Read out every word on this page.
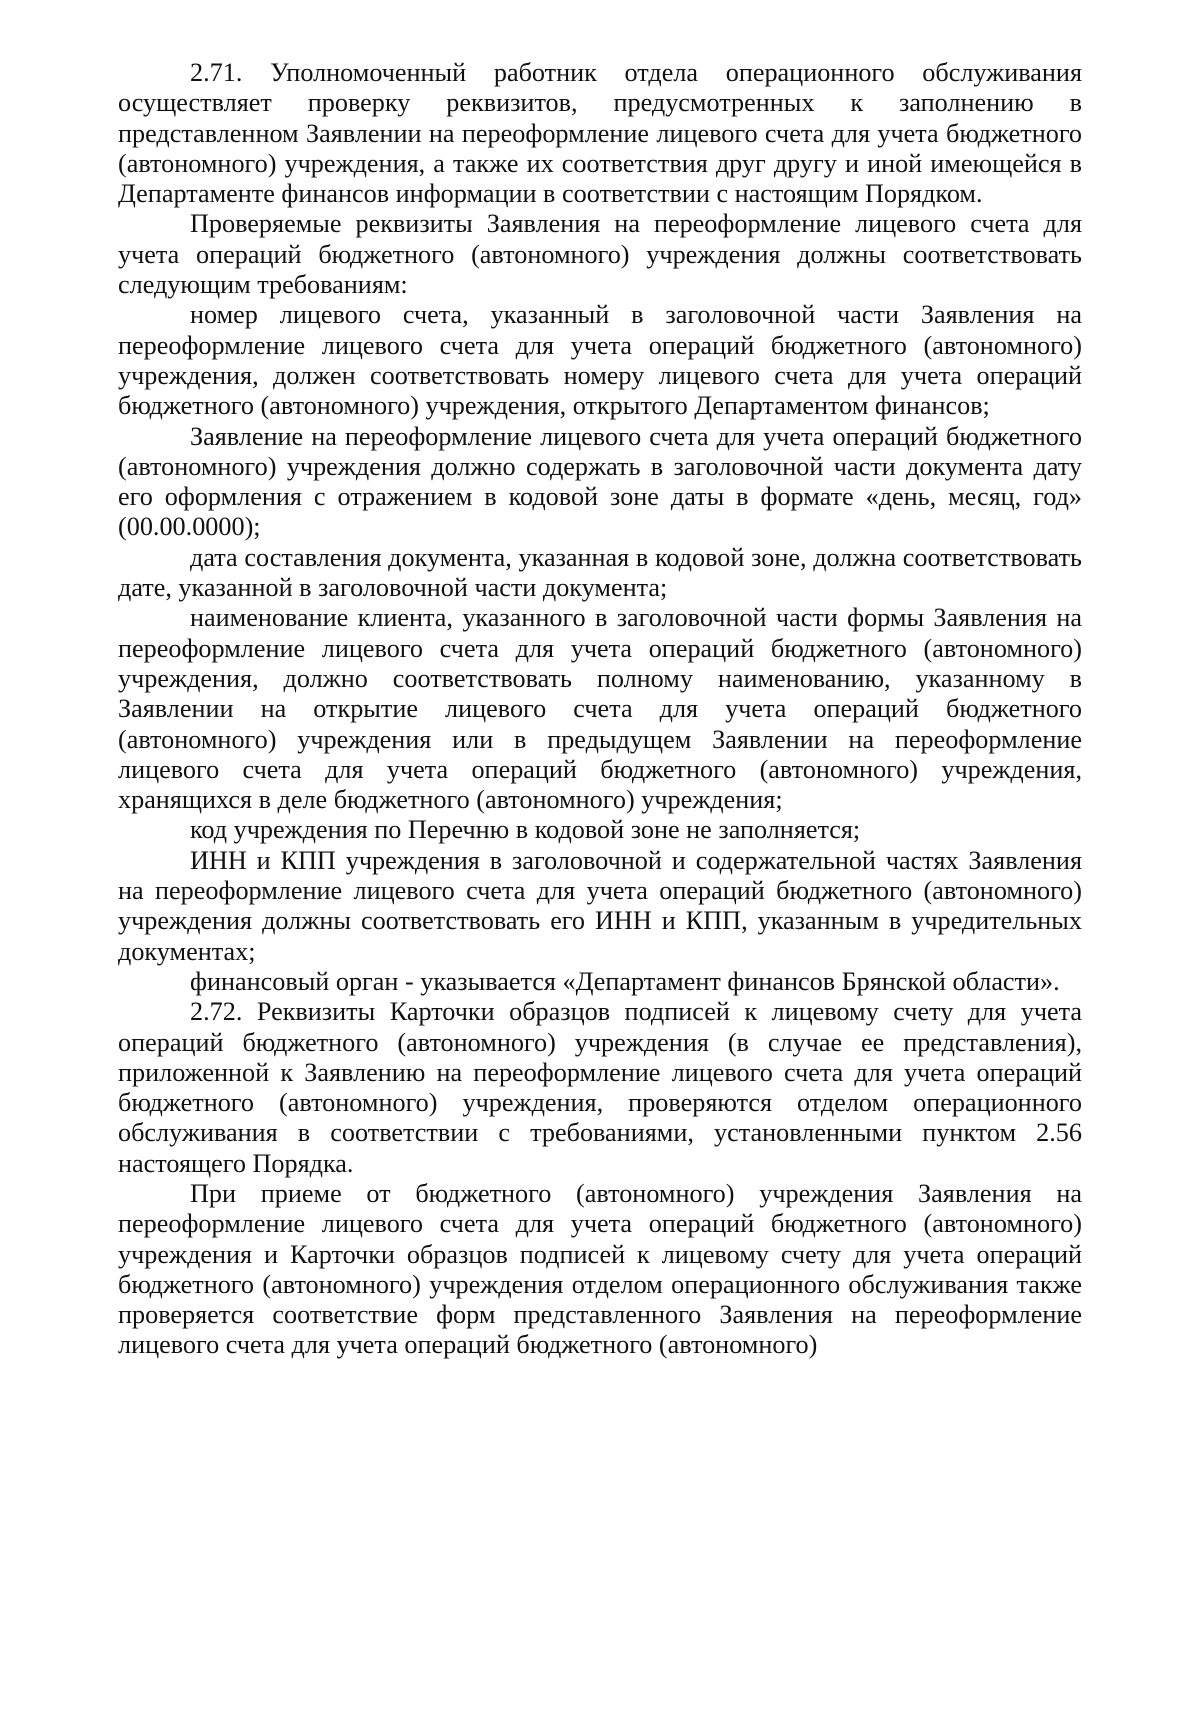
2.71. Уполномоченный работник отдела операционного обслуживания осуществляет проверку реквизитов, предусмотренных к заполнению в представленном Заявлении на переоформление лицевого счета для учета бюджетного (автономного) учреждения, а также их соответствия друг другу и иной имеющейся в Департаменте финансов информации в соответствии с настоящим Порядком.

Проверяемые реквизиты Заявления на переоформление лицевого счета для учета операций бюджетного (автономного) учреждения должны соответствовать следующим требованиям:

номер лицевого счета, указанный в заголовочной части Заявления на переоформление лицевого счета для учета операций бюджетного (автономного) учреждения, должен соответствовать номеру лицевого счета для учета операций бюджетного (автономного) учреждения, открытого Департаментом финансов;

Заявление на переоформление лицевого счета для учета операций бюджетного (автономного) учреждения должно содержать в заголовочной части документа дату его оформления с отражением в кодовой зоне даты в формате «день, месяц, год» (00.00.0000);

дата составления документа, указанная в кодовой зоне, должна соответствовать дате, указанной в заголовочной части документа;

наименование клиента, указанного в заголовочной части формы Заявления на переоформление лицевого счета для учета операций бюджетного (автономного) учреждения, должно соответствовать полному наименованию, указанному в Заявлении на открытие лицевого счета для учета операций бюджетного (автономного) учреждения или в предыдущем Заявлении на переоформление лицевого счета для учета операций бюджетного (автономного) учреждения, хранящихся в деле бюджетного (автономного) учреждения;

код учреждения по Перечню в кодовой зоне не заполняется;

ИНН и КПП учреждения в заголовочной и содержательной частях Заявления на переоформление лицевого счета для учета операций бюджетного (автономного) учреждения должны соответствовать его ИНН и КПП, указанным в учредительных документах;

финансовый орган - указывается «Департамент финансов Брянской области».

2.72. Реквизиты Карточки образцов подписей к лицевому счету для учета операций бюджетного (автономного) учреждения (в случае ее представления), приложенной к Заявлению на переоформление лицевого счета для учета операций бюджетного (автономного) учреждения, проверяются отделом операционного обслуживания в соответствии с требованиями, установленными пунктом 2.56 настоящего Порядка.

При приеме от бюджетного (автономного) учреждения Заявления на переоформление лицевого счета для учета операций бюджетного (автономного) учреждения и Карточки образцов подписей к лицевому счету для учета операций бюджетного (автономного) учреждения отделом операционного обслуживания также проверяется соответствие форм представленного Заявления на переоформление лицевого счета для учета операций бюджетного (автономного)
